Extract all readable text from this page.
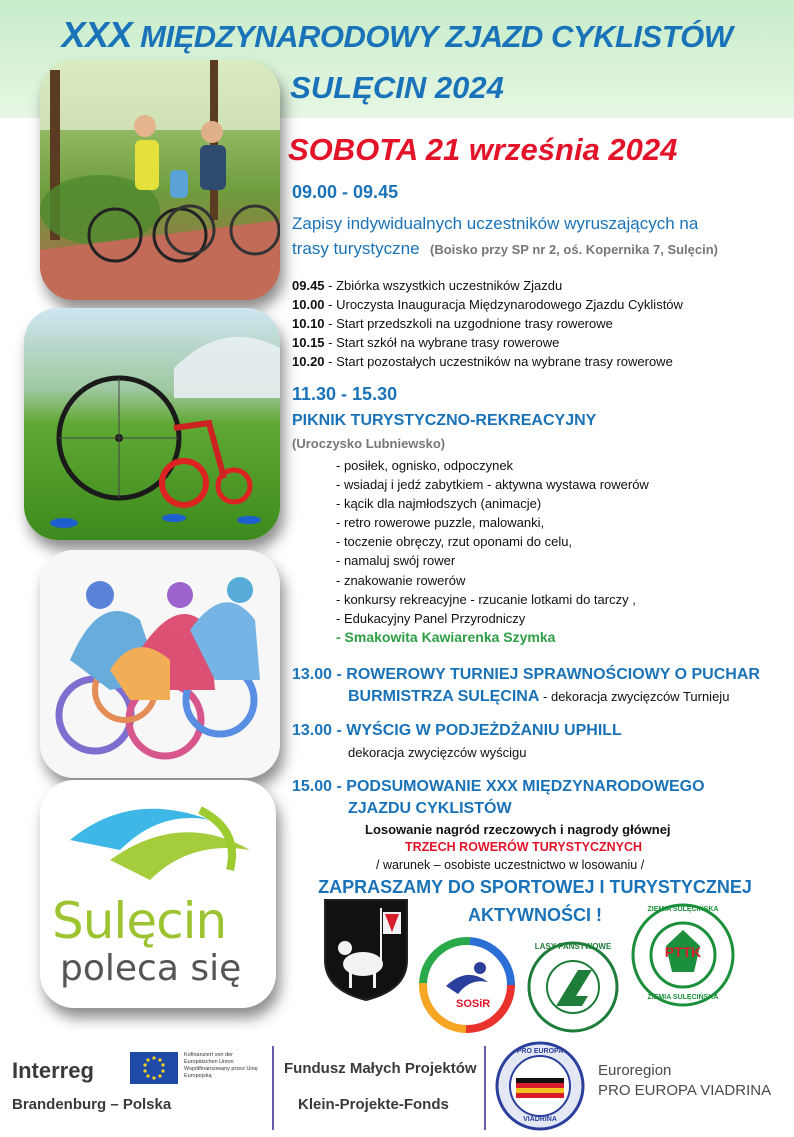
XXX MIĘDZYNARODOWY ZJAZD CYKLISTÓW
SULĘCIN 2024
SOBOTA 21 września 2024
Sulęcin
poleca się
09.00 - 09.45
Zapisy indywidualnych uczestników wyruszających na
trasy turystyczne (Boisko przy SP nr 2, oś. Kopernika 7, Sulęcin)
09.45 - Zbiórka wszystkich uczestników Zjazdu
10.00 - Uroczysta Inauguracja Międzynarodowego Zjazdu Cyklistów
10.10 - Start przedszkoli na uzgodnione trasy rowerowe
10.15 - Start szkół na wybrane trasy rowerowe
10.20 - Start pozostałych uczestników na wybrane trasy rowerowe
11.30 - 15.30
PIKNIK TURYSTYCZNO-REKREACYJNY
(Uroczysko Lubniewsko)
- posiłek, ognisko, odpoczynek
- wsiadaj i jedź zabytkiem - aktywna wystawa rowerów
- kącik dla najmłodszych (animacje)
- retro rowerowe puzzle, malowanki,
- toczenie obręczy, rzut oponami do celu,
- namaluj swój rower
- znakowanie rowerów
- konkursy rekreacyjne - rzucanie lotkami do tarczy ,
- Edukacyjny Panel Przyrodniczy
- Smakowita Kawiarenka Szymka
13.00 - ROWEROWY TURNIEJ SPRAWNOŚCIOWY O PUCHAR
BURMISTRZA SULĘCINA - dekoracja zwycięzców Turnieju
13.00 - WYŚCIG W PODJEŻDŻANIU UPHILL
dekoracja zwycięzców wyścigu
15.00 - PODSUMOWANIE XXX MIĘDZYNARODOWEGO
ZJAZDU CYKLISTÓW
Losowanie nagród rzeczowych i nagrody głównej
TRZECH ROWERÓW TURYSTYCZNYCH
/ warunek – osobiste uczestnictwo w losowaniu /
ZAPRASZAMY DO SPORTOWEJ I TURYSTYCZNEJ
AKTYWNOŚCI !
SOSiR
LASY PAŃSTWOWE	PTTK
ZIEMIA SULĘCIŃSKA
ZIEMIA SULĘCIŃSKA
Interreg
Brandenburg – Polska
Kofinanziert von der Europäischen Union Współfinansowany przez Unię Europejską	Fundusz Małych Projektów
Klein-Projekte-Fonds
PRO EUROPA
VIADRINA
Euroregion
PRO EUROPA VIADRINA
